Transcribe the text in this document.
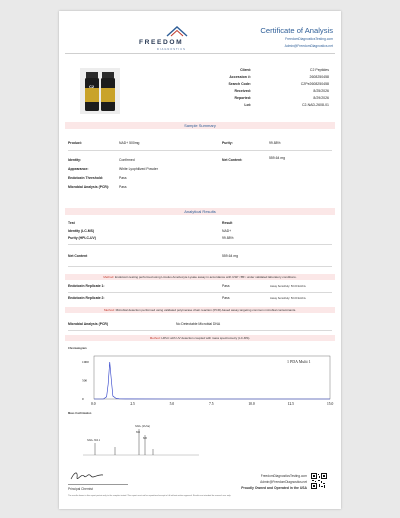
FREEDOM
DIAGNOSTICS
Certificate of Analysis
FreedomDiagnosticsTesting.com
Admin@FreedomDiagnostics.net
C2
Sample Summary
Product:	NAD+ 500mg	Purity:	99.88%
Identity:	Confirmed	Net Content:	559.64 mg
Appearance:	White Lyophilized Powder
Endotoxin Threshold:	Pass
Microbial Analysis (PCR):	Pass
Analytical Results
Test	Result
Identity (LC-MS)	NAD+
Purity (HPLC-UV)	99.88%
Net Content	559.64 mg
Method: Endotoxin testing performed using Limulus Amebocyte Lysate assay in accordance with USP <85> under validated laboratory conditions.
Endotoxin Replicate 1:	Pass	Assay Sensitivity: 50.00 EU/mL
Endotoxin Replicate 2:	Pass	Assay Sensitivity: 50.00 EU/mL
Method: Microbial detection performed using validated polymerase chain reaction (PCR)-based assay targeting common microbial contaminants.
Microbial Analysis (PCR)	No Detectable Microbial DNA
Method: HPLC with UV detection coupled with mass spectrometry (LC-MS).
Chromatogram
1 PDA Multi 1
1000
500
0
0.0	2.5	5.0	7.5	10.0	12.5	15.0
Mass Confirmation
NAD+ 664.1
NAD+ [M+Na]
664
686
Principal Chemist
FreedomDiagnosticsTesting.com
Admin@FreedomDiagnostics.net
Proudly Owned and Operated in the USA
The results shown in this report pertain only to the samples tested. This report must not be reproduced except in full without written approval. Results are intended for research use only.
Client:	C2 Peptides
Accession #:	2608250458
Search Code:	C2Pe2608250458
Received:	8/25/2026
Reported:	8/29/2026
Lot:	C2-NAD-2608-01
